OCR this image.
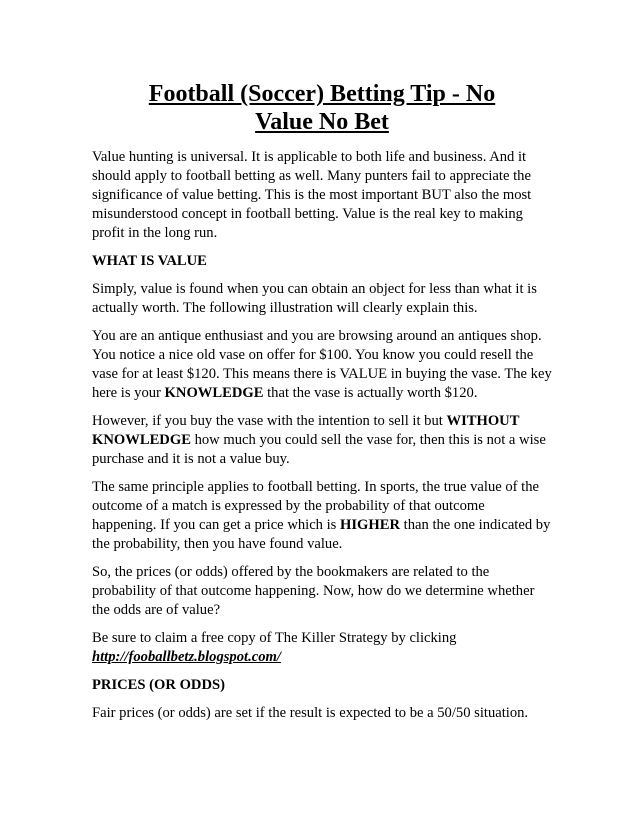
Football (Soccer) Betting Tip - No
Value No Bet

Value hunting is universal. It is applicable to both life and business. And it should apply to football betting as well. Many punters fail to appreciate the significance of value betting. This is the most important BUT also the most misunderstood concept in football betting. Value is the real key to making profit in the long run.

WHAT IS VALUE

Simply, value is found when you can obtain an object for less than what it is actually worth. The following illustration will clearly explain this.

You are an antique enthusiast and you are browsing around an antiques shop. You notice a nice old vase on offer for $100. You know you could resell the vase for at least $120. This means there is VALUE in buying the vase. The key here is your KNOWLEDGE that the vase is actually worth $120.

However, if you buy the vase with the intention to sell it but WITHOUT KNOWLEDGE how much you could sell the vase for, then this is not a wise purchase and it is not a value buy.

The same principle applies to football betting. In sports, the true value of the outcome of a match is expressed by the probability of that outcome happening. If you can get a price which is HIGHER than the one indicated by the probability, then you have found value.

So, the prices (or odds) offered by the bookmakers are related to the probability of that outcome happening. Now, how do we determine whether the odds are of value?

Be sure to claim a free copy of The Killer Strategy by clicking
http://fooballbetz.blogspot.com/

PRICES (OR ODDS)

Fair prices (or odds) are set if the result is expected to be a 50/50 situation.
